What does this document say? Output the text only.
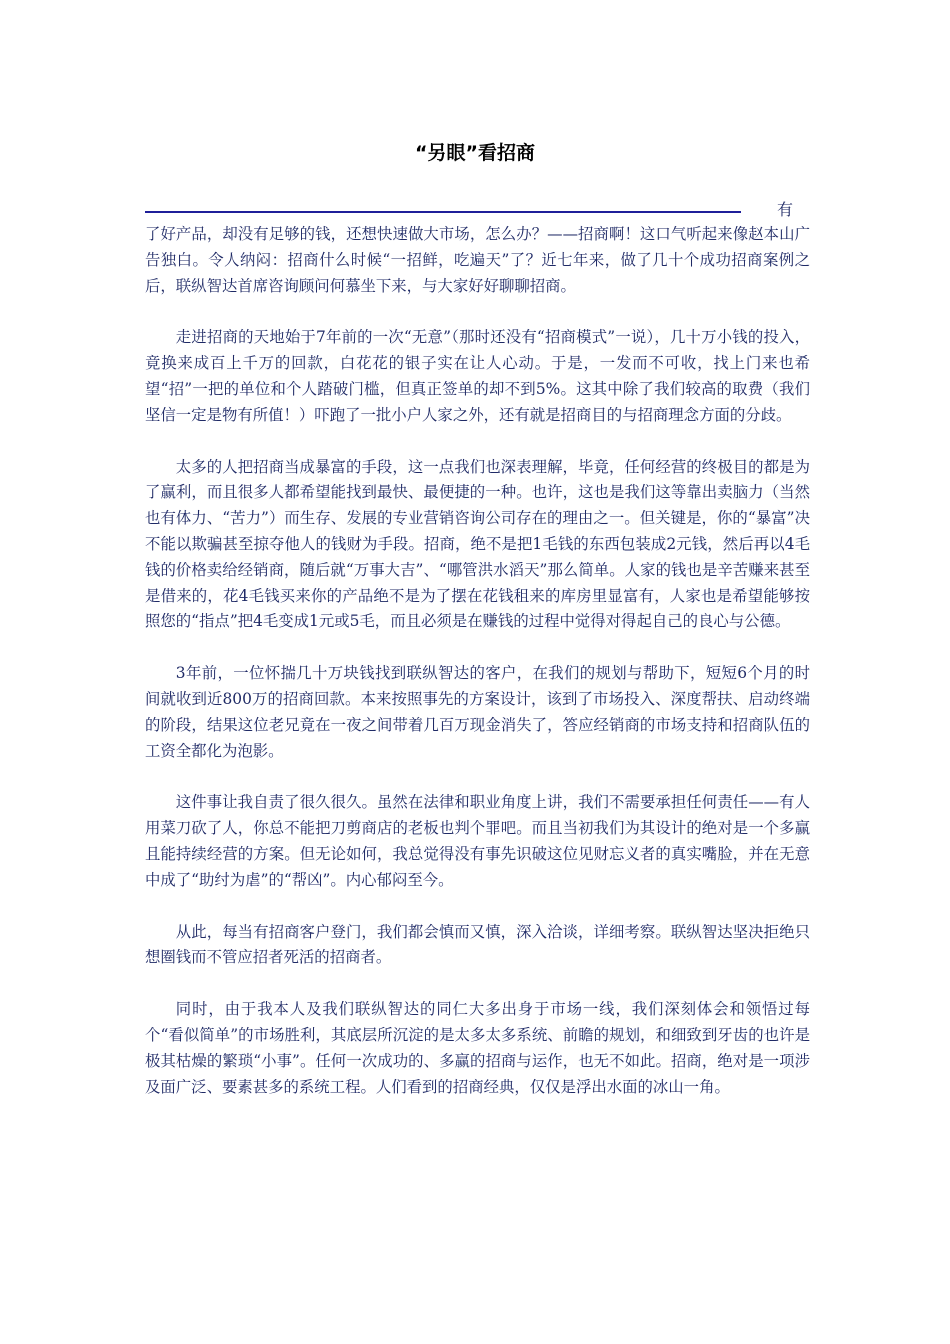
“另眼”看招商
有

了好产品，却没有足够的钱，还想快速做大市场，怎么办？——招商啊！这口气听起来像赵本山广告独白。令人纳闷：招商什么时候“一招鲜，吃遍天”了？近七年来，做了几十个成功招商案例之后，联纵智达首席咨询顾问何慕坐下来，与大家好好聊聊招商。

走进招商的天地始于7年前的一次“无意”（那时还没有“招商模式”一说），几十万小钱的投入，竟换来成百上千万的回款，白花花的银子实在让人心动。于是，一发而不可收，找上门来也希望“招”一把的单位和个人踏破门槛，但真正签单的却不到5%。这其中除了我们较高的取费（我们坚信一定是物有所值！）吓跑了一批小户人家之外，还有就是招商目的与招商理念方面的分歧。

太多的人把招商当成暴富的手段，这一点我们也深表理解，毕竟，任何经营的终极目的都是为了赢利，而且很多人都希望能找到最快、最便捷的一种。也许，这也是我们这等靠出卖脑力（当然也有体力、“苦力”）而生存、发展的专业营销咨询公司存在的理由之一。但关键是，你的“暴富”决不能以欺骗甚至掠夺他人的钱财为手段。招商，绝不是把1毛钱的东西包装成2元钱，然后再以4毛钱的价格卖给经销商，随后就“万事大吉”、“哪管洪水滔天”那么简单。人家的钱也是辛苦赚来甚至是借来的，花4毛钱买来你的产品绝不是为了摆在花钱租来的库房里显富有，人家也是希望能够按照您的“指点”把4毛变成1元或5毛，而且必须是在赚钱的过程中觉得对得起自己的良心与公德。

3年前，一位怀揣几十万块钱找到联纵智达的客户，在我们的规划与帮助下，短短6个月的时间就收到近800万的招商回款。本来按照事先的方案设计，该到了市场投入、深度帮扶、启动终端的阶段，结果这位老兄竟在一夜之间带着几百万现金消失了，答应经销商的市场支持和招商队伍的工资全都化为泡影。

这件事让我自责了很久很久。虽然在法律和职业角度上讲，我们不需要承担任何责任——有人用菜刀砍了人，你总不能把刀剪商店的老板也判个罪吧。而且当初我们为其设计的绝对是一个多赢且能持续经营的方案。但无论如何，我总觉得没有事先识破这位见财忘义者的真实嘴脸，并在无意中成了“助纣为虐”的“帮凶”。内心郁闷至今。

从此，每当有招商客户登门，我们都会慎而又慎，深入洽谈，详细考察。联纵智达坚决拒绝只想圈钱而不管应招者死活的招商者。

同时，由于我本人及我们联纵智达的同仁大多出身于市场一线，我们深刻体会和领悟过每个“看似简单”的市场胜利，其底层所沉淀的是太多太多系统、前瞻的规划，和细致到牙齿的也许是极其枯燥的繁琐“小事”。任何一次成功的、多赢的招商与运作，也无不如此。招商，绝对是一项涉及面广泛、要素甚多的系统工程。人们看到的招商经典，仅仅是浮出水面的冰山一角。
